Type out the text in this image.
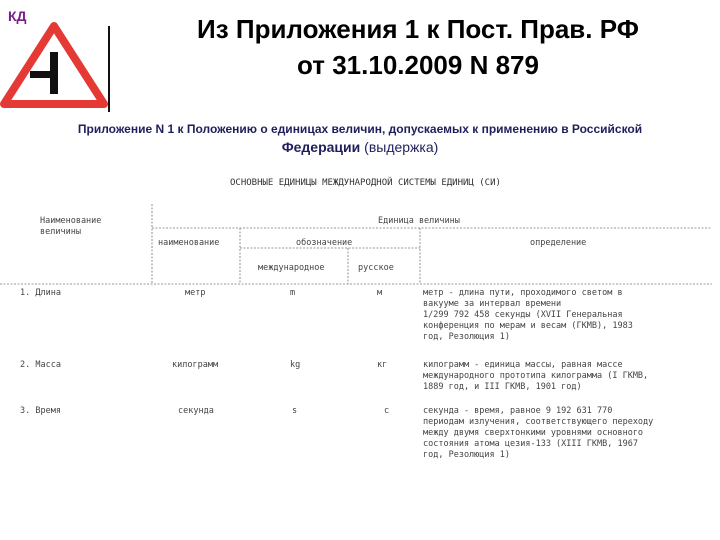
КД	Из Приложения 1 к Пост. Прав. РФ
от 31.10.2009 N 879
Приложение N 1 к Положению о единицах величин, допускаемых к применению в Российской
Федерации (выдержка)
ОСНОВНЫЕ ЕДИНИЦЫ МЕЖДУНАРОДНОЙ СИСТЕМЫ ЕДИНИЦ (СИ)
Наименование
величины
Единица величины
наименование	обозначение	определение
международное	русское
1. Длина	метр	m	м	метр - длина пути, проходимого светом в
вакууме за интервал времени
1/299 792 458 секунды (XVII Генеральная
конференция по мерам и весам (ГКМВ), 1983
год, Резолюция 1)
2. Масса	килограмм	kg	кг	килограмм - единица массы, равная массе
международного прототипа килограмма (I ГКМВ,
1889 год, и III ГКМВ, 1901 год)
3. Время	секунда	s	с	секунда - время, равное 9 192 631 770
периодам излучения, соответствующего переходу
между двумя сверхтонкими уровнями основного
состояния атома цезия-133 (XIII ГКМВ, 1967
год, Резолюция 1)
